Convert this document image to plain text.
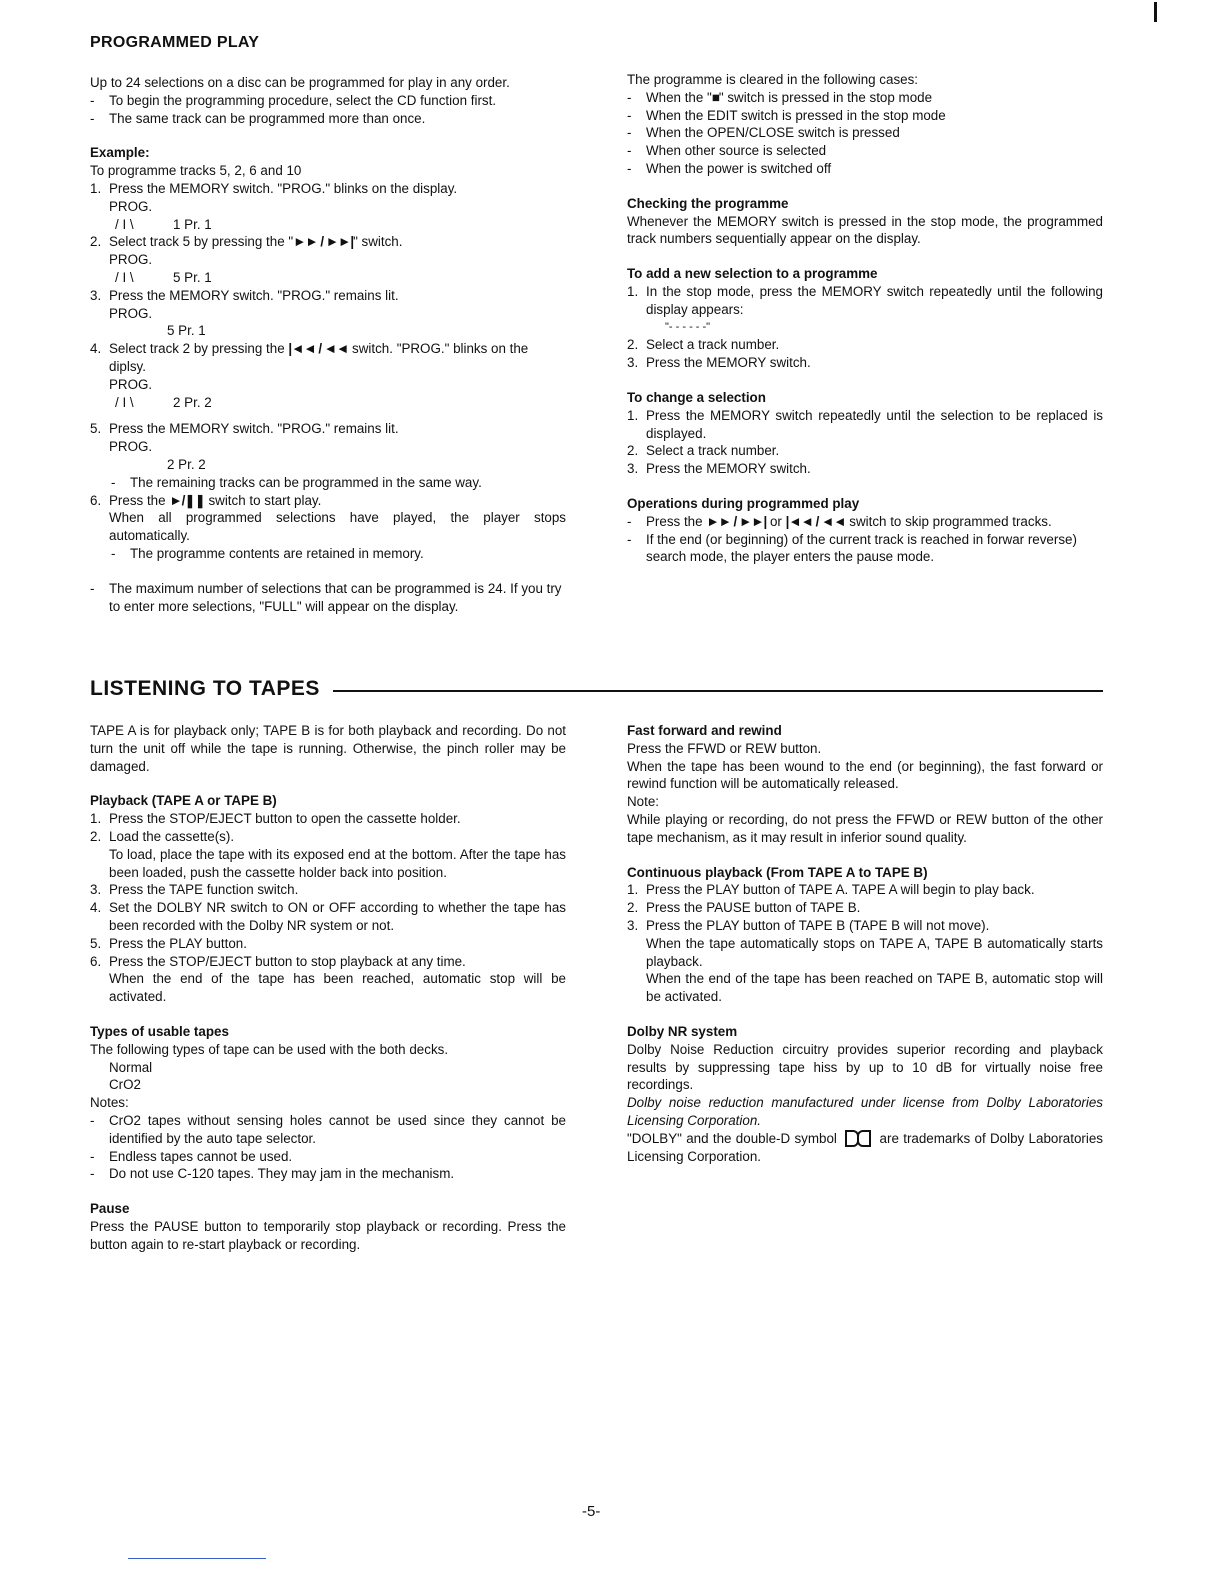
PROGRAMMED PLAY

Up to 24 selections on a disc can be programmed for play in any order.

- To begin the programming procedure, select the CD function first.

- The same track can be programmed more than once.

Example:

To programme tracks 5, 2, 6 and 10

1. Press the MEMORY switch. "PROG." blinks on the display.

PROG.

/ I \	1 Pr. 1

2. Select track 5 by pressing the "►► / ►►|" switch.

PROG.

/ I \	5 Pr. 1

3. Press the MEMORY switch. "PROG." remains lit.

PROG.

5 Pr. 1

4. Select track 2 by pressing the |◄◄ / ◄◄ switch. "PROG." blinks on the diplsy.

PROG.

/ I \	2 Pr. 2

5. Press the MEMORY switch. "PROG." remains lit.

PROG.

2 Pr. 2

- The remaining tracks can be programmed in the same way.

6. Press the ►/❚❚ switch to start play.

When all programmed selections have played, the player stops automatically.

- The programme contents are retained in memory.

- The maximum number of selections that can be programmed is 24. If you try to enter more selections, "FULL" will appear on the display.

The programme is cleared in the following cases:

- When the "■" switch is pressed in the stop mode

- When the EDIT switch is pressed in the stop mode

- When the OPEN/CLOSE switch is pressed

- When other source is selected

- When the power is switched off

Checking the programme

Whenever the MEMORY switch is pressed in the stop mode, the programmed track numbers sequentially appear on the display.

To add a new selection to a programme

1. In the stop mode, press the MEMORY switch repeatedly until the following display appears:

"- - - - - -"

2. Select a track number.

3. Press the MEMORY switch.

To change a selection

1. Press the MEMORY switch repeatedly until the selection to be replaced is displayed.

2. Select a track number.

3. Press the MEMORY switch.

Operations during programmed play

- Press the ►► / ►►| or |◄◄ / ◄◄ switch to skip programmed tracks.

- If the end (or beginning) of the current track is reached in forwar reverse) search mode, the player enters the pause mode.

LISTENING TO TAPES

TAPE A is for playback only; TAPE B is for both playback and recording. Do not turn the unit off while the tape is running. Otherwise, the pinch roller may be damaged.

Playback (TAPE A or TAPE B)

1. Press the STOP/EJECT button to open the cassette holder.

2. Load the cassette(s).

To load, place the tape with its exposed end at the bottom. After the tape has been loaded, push the cassette holder back into position.

3. Press the TAPE function switch.

4. Set the DOLBY NR switch to ON or OFF according to whether the tape has been recorded with the Dolby NR system or not.

5. Press the PLAY button.

6. Press the STOP/EJECT button to stop playback at any time.

When the end of the tape has been reached, automatic stop will be activated.

Types of usable tapes

The following types of tape can be used with the both decks.

Normal

CrO2

Notes:

- CrO2 tapes without sensing holes cannot be used since they cannot be identified by the auto tape selector.

- Endless tapes cannot be used.

- Do not use C-120 tapes. They may jam in the mechanism.

Pause

Press the PAUSE button to temporarily stop playback or recording. Press the button again to re-start playback or recording.

Fast forward and rewind

Press the FFWD or REW button.

When the tape has been wound to the end (or beginning), the fast forward or rewind function will be automatically released.

Note:

While playing or recording, do not press the FFWD or REW button of the other tape mechanism, as it may result in inferior sound quality.

Continuous playback (From TAPE A to TAPE B)

1. Press the PLAY button of TAPE A. TAPE A will begin to play back.

2. Press the PAUSE button of TAPE B.

3. Press the PLAY button of TAPE B (TAPE B will not move).

When the tape automatically stops on TAPE A, TAPE B automatically starts playback.

When the end of the tape has been reached on TAPE B, automatic stop will be activated.

Dolby NR system

Dolby Noise Reduction circuitry provides superior recording and playback results by suppressing tape hiss by up to 10 dB for virtually noise free recordings.

Dolby noise reduction manufactured under license from Dolby Laboratories Licensing Corporation.

"DOLBY" and the double-D symbol	are trademarks of Dolby Laboratories Licensing Corporation.

-5-
